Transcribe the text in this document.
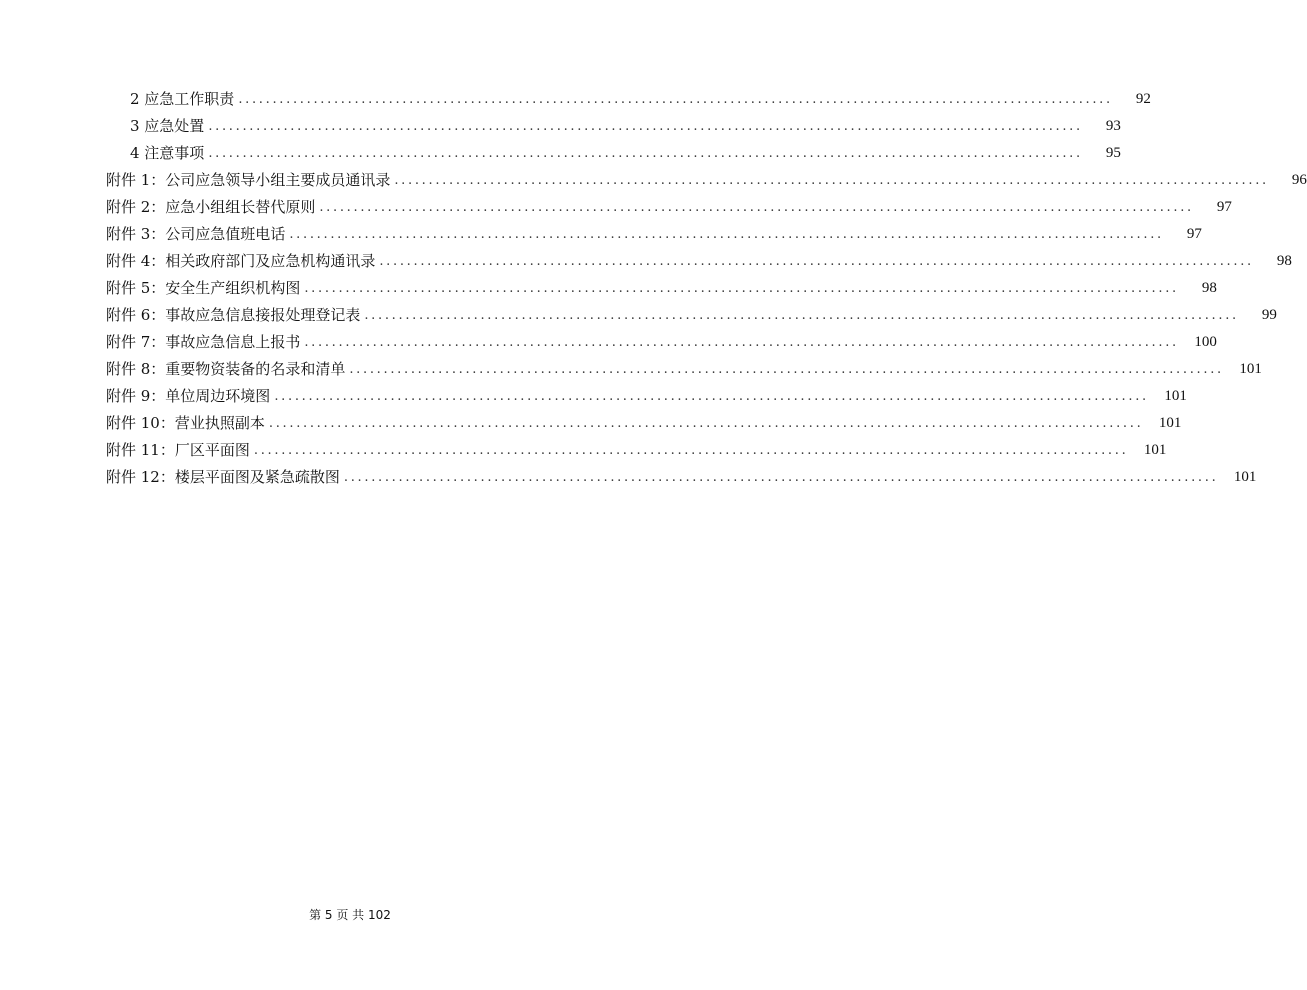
2 应急工作职责 ................................................................................................................................	92
3 应急处置 ................................................................................................................................	93
4 注意事项 ................................................................................................................................	95
附件 1：公司应急领导小组主要成员通讯录 ................................................................................................................................	96
附件 2：应急小组组长替代原则 ................................................................................................................................	97
附件 3：公司应急值班电话 ................................................................................................................................	97
附件 4：相关政府部门及应急机构通讯录 ................................................................................................................................	98
附件 5：安全生产组织机构图 ................................................................................................................................	98
附件 6：事故应急信息接报处理登记表 ................................................................................................................................	99
附件 7：事故应急信息上报书 ................................................................................................................................	100
附件 8：重要物资装备的名录和清单 ................................................................................................................................	101
附件 9：单位周边环境图 ................................................................................................................................	101
附件 10：营业执照副本 ................................................................................................................................	101
附件 11：厂区平面图 ................................................................................................................................	101
附件 12：楼层平面图及紧急疏散图 ................................................................................................................................	101
第 5 页 共 102
